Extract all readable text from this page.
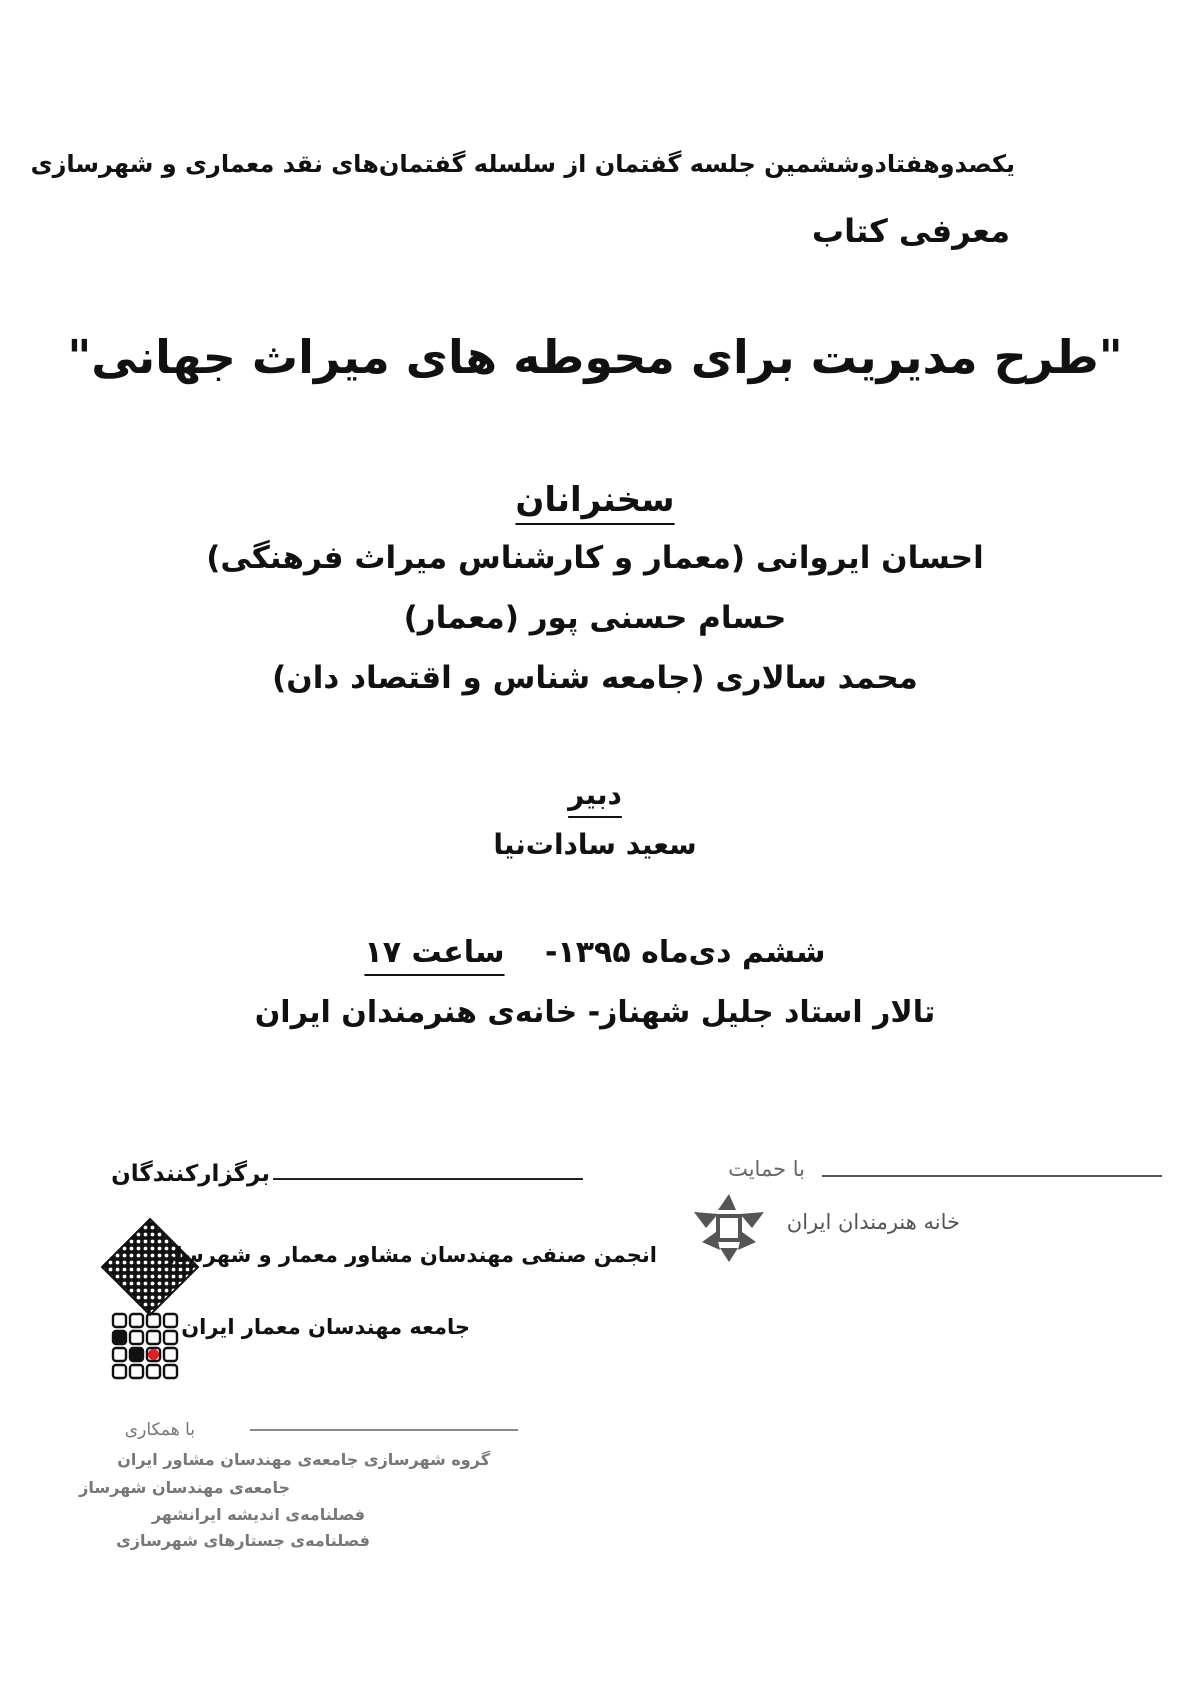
یکصدوهفتادوششمین جلسه گفتمان از سلسله گفتمان‌های نقد معماری و شهرسازی
معرفی کتاب
"طرح مدیریت برای محوطه های میراث جهانی"
سخنرانان
احسان ایروانی (معمار و کارشناس میراث فرهنگی)
حسام حسنی پور (معمار)
محمد سالاری (جامعه شناس و اقتصاد دان)
دبیر
سعید سادات‌نیا
ششم دی‌ماه ۱۳۹۵- ساعت ۱۷
تالار استاد جلیل شهناز- خانه‌ی هنرمندان ایران
برگزارکنندگان
انجمن صنفی مهندسان مشاور معمار و شهرساز
جامعه مهندسان معمار ایران
با حمایت
خانه هنرمندان ایران
با همکاری
گروه شهرسازی جامعه‌ی مهندسان مشاور ایران
جامعه‌ی مهندسان شهرساز
فصلنامه‌ی اندیشه ایرانشهر
فصلنامه‌ی جستارهای شهرسازی
